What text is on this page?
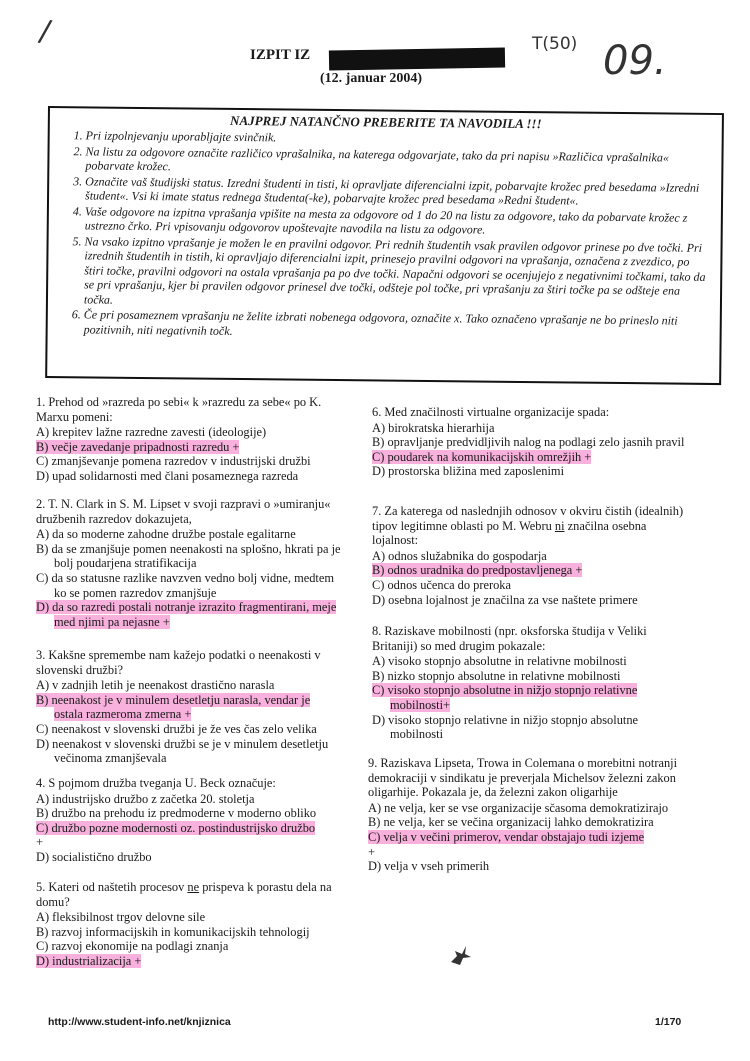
/
IZPIT IZ
(12. januar 2004)
T(50) 09.
NAJPREJ NATANČNO PREBERITE TA NAVODILA !!!
1. Pri izpolnjevanju uporabljajte svinčnik.
2. Na listu za odgovore označite različico vprašalnika, na katerega odgovarjate, tako da pri napisu »Različica vprašalnika« pobarvate krožec.
3. Označite vaš študijski status. Izredni študenti in tisti, ki opravljate diferencialni izpit, pobarvajte krožec pred besedama »Izredni študent«. Vsi ki imate status rednega študenta(-ke), pobarvajte krožec pred besedama »Redni študent«.
4. Vaše odgovore na izpitna vprašanja vpišite na mesta za odgovore od 1 do 20 na listu za odgovore, tako da pobarvate krožec z ustrezno črko. Pri vpisovanju odgovorov upoštevajte navodila na listu za odgovore.
5. Na vsako izpitno vprašanje je možen le en pravilni odgovor. Pri rednih študentih vsak pravilen odgovor prinese po dve točki. Pri izrednih študentih in tistih, ki opravljajo diferencialni izpit, prinesejo pravilni odgovori na vprašanja, označena z zvezdico, po štiri točke, pravilni odgovori na ostala vprašanja pa po dve točki. Napačni odgovori se ocenjujejo z negativnimi točkami, tako da se pri vprašanju, kjer bi pravilen odgovor prinesel dve točki, odšteje pol točke, pri vprašanju za štiri točke pa se odšteje ena točka.
6. Če pri posameznem vprašanju ne želite izbrati nobenega odgovora, označite x. Tako označeno vprašanje ne bo prineslo niti pozitivnih, niti negativnih točk.
1. Prehod od »razreda po sebi« k »razredu za sebe« po K. Marxu pomeni:
A) krepitev lažne razredne zavesti (ideologije)
B) večje zavedanje pripadnosti razredu +
C) zmanjševanje pomena razredov v industrijski družbi
D) upad solidarnosti med člani posameznega razreda
2. T. N. Clark in S. M. Lipset v svoji razpravi o »umiranju« družbenih razredov dokazujeta,
A) da so moderne zahodne družbe postale egalitarne
B) da se zmanjšuje pomen neenakosti na splošno, hkrati pa je bolj poudarjena stratifikacija
C) da so statusne razlike navzven vedno bolj vidne, medtem ko se pomen razredov zmanjšuje
D) da so razredi postali notranje izrazito fragmentirani, meje med njimi pa nejasne +
3. Kakšne spremembe nam kažejo podatki o neenakosti v slovenski družbi?
A) v zadnjih letih je neenakost drastično narasla
B) neenakost je v minulem desetletju narasla, vendar je ostala razmeroma zmerna +
C) neenakost v slovenski družbi je že ves čas zelo velika
D) neenakost v slovenski družbi se je v minulem desetletju večinoma zmanjševala
4. S pojmom družba tveganja U. Beck označuje:
A) industrijsko družbo z začetka 20. stoletja
B) družbo na prehodu iz predmoderne v moderno obliko
C) družbo pozne modernosti oz. postindustrijsko družbo
+
D) socialistično družbo
5. Kateri od naštetih procesov ne prispeva k porastu dela na domu?
A) fleksibilnost trgov delovne sile
B) razvoj informacijskih in komunikacijskih tehnologij
C) razvoj ekonomije na podlagi znanja
D) industrializacija +
6. Med značilnosti virtualne organizacije spada:
A) birokratska hierarhija
B) opravljanje predvidljivih nalog na podlagi zelo jasnih pravil
C) poudarek na komunikacijskih omrežjih +
D) prostorska bližina med zaposlenimi
7. Za katerega od naslednjih odnosov v okviru čistih (idealnih) tipov legitimne oblasti po M. Webru ni značilna osebna lojalnost:
A) odnos služabnika do gospodarja
B) odnos uradnika do predpostavljenega +
C) odnos učenca do preroka
D) osebna lojalnost je značilna za vse naštete primere
8. Raziskave mobilnosti (npr. oksforska študija v Veliki Britaniji) so med drugim pokazale:
A) visoko stopnjo absolutne in relativne mobilnosti
B) nizko stopnjo absolutne in relativne mobilnosti
C) visoko stopnjo absolutne in nižjo stopnjo relativne mobilnosti+
D) visoko stopnjo relativne in nižjo stopnjo absolutne mobilnosti
9. Raziskava Lipseta, Trowa in Colemana o morebitni notranji demokraciji v sindikatu je preverjala Michelsov železni zakon oligarhije. Pokazala je, da železni zakon oligarhije
A) ne velja, ker se vse organizacije sčasoma demokratizirajo
B) ne velja, ker se večina organizacij lahko demokratizira
C) velja v večini primerov, vendar obstajajo tudi izjeme
+
D) velja v vseh primerih
http://www.student-info.net/knjiznica	1/170
